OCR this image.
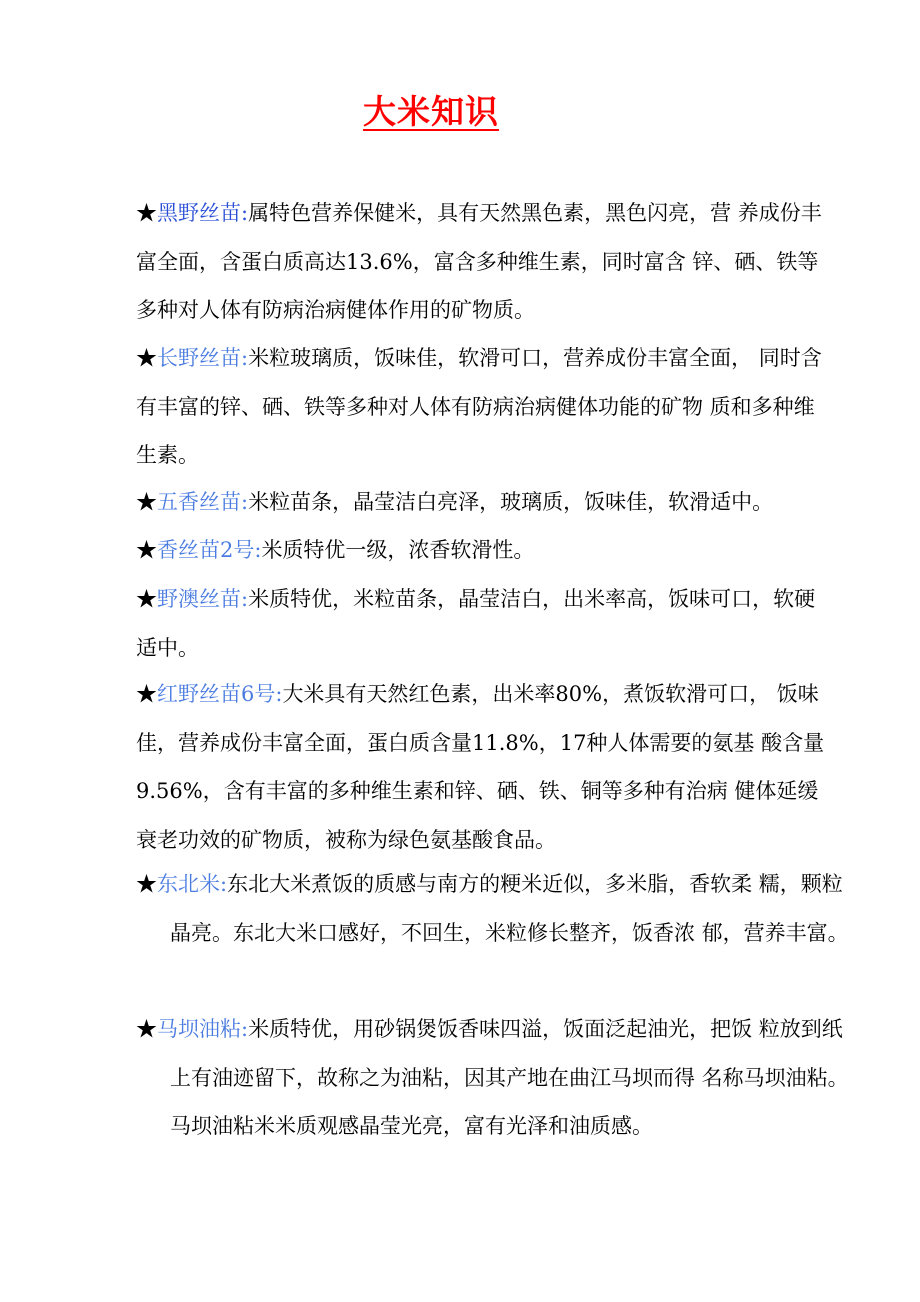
大米知识
★黑野丝苗:属特色营养保健米，具有天然黑色素，黑色闪亮，营 养成份丰富全面，含蛋白质高达13.6%，富含多种维生素，同时富含 锌、硒、铁等多种对人体有防病治病健体作用的矿物质。
★长野丝苗:米粒玻璃质，饭味佳，软滑可口，营养成份丰富全面， 同时含有丰富的锌、硒、铁等多种对人体有防病治病健体功能的矿物 质和多种维生素。
★五香丝苗:米粒苗条，晶莹洁白亮泽，玻璃质，饭味佳，软滑适中。
★香丝苗2号:米质特优一级，浓香软滑性。
★野澳丝苗:米质特优，米粒苗条，晶莹洁白，出米率高，饭味可口，软硬适中。
★红野丝苗6号:大米具有天然红色素，出米率80%，煮饭软滑可口， 饭味佳，营养成份丰富全面，蛋白质含量11.8%，17种人体需要的氨基 酸含量9.56%，含有丰富的多种维生素和锌、硒、铁、铜等多种有治病 健体延缓衰老功效的矿物质，被称为绿色氨基酸食品。
★东北米:东北大米煮饭的质感与南方的粳米近似，多米脂，香软柔 糯，颗粒晶亮。东北大米口感好，不回生，米粒修长整齐，饭香浓 郁，营养丰富。
★马坝油粘:米质特优，用砂锅煲饭香味四溢，饭面泛起油光，把饭 粒放到纸上有油迹留下，故称之为油粘，因其产地在曲江马坝而得 名称马坝油粘。马坝油粘米米质观感晶莹光亮，富有光泽和油质感。
